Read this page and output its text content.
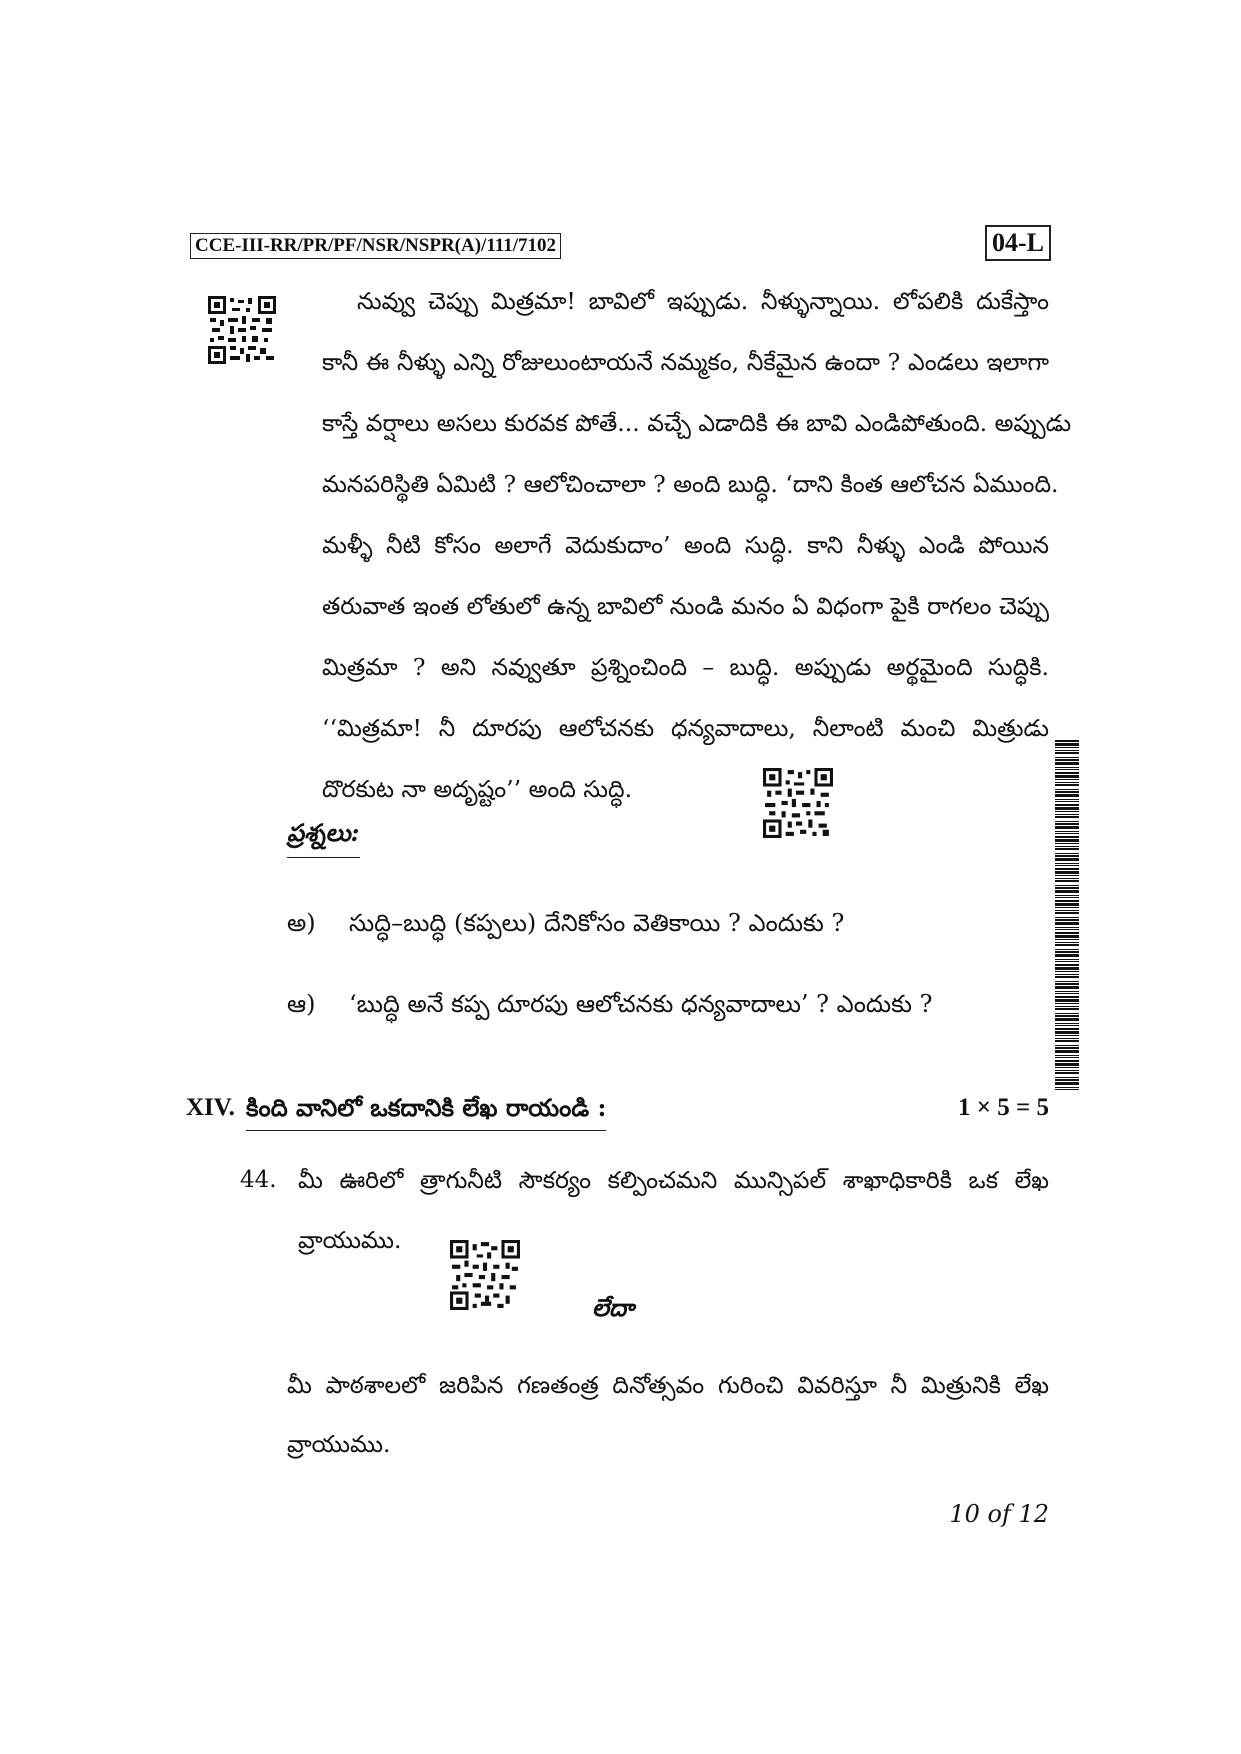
CCE-III-RR/PR/PF/NSR/NSPR(A)/111/7102	04-L
నువ్వు చెప్పు మిత్రమా! బావిలో ఇప్పుడు. నీళ్ళున్నాయి. లోపలికి దుకేస్తాం
కానీ ఈ నీళ్ళు ఎన్ని రోజులుంటాయనే నమ్మకం, నీకేమైన ఉందా ? ఎండలు ఇలాగా
కాస్తే వర్షాలు అసలు కురవక పోతే... వచ్చే ఎడాదికి ఈ బావి ఎండిపోతుంది. అప్పుడు
మనపరిస్థితి ఏమిటి ? ఆలోచించాలా ? అంది బుద్ధి. ‘దాని కింత ఆలోచన ఏముంది.
మళ్ళీ నీటి కోసం అలాగే వెదుకుదాం’ అంది సుద్ధి. కాని నీళ్ళు ఎండి పోయిన
తరువాత ఇంత లోతులో ఉన్న బావిలో నుండి మనం ఏ విధంగా పైకి రాగలం చెప్పు
మిత్రమా ? అని నవ్వుతూ ప్రశ్నించింది – బుద్ధి. అప్పుడు అర్థమైంది సుద్ధికి.
‘‘మిత్రమా! నీ దూరపు ఆలోచనకు ధన్యవాదాలు, నీలాంటి మంచి మిత్రుడు
దొరకుట నా అదృష్టం’’ అంది సుద్ధి.
ప్రశ్నలు:
అ) సుద్ధి–బుద్ధి (కప్పలు) దేనికోసం వెతికాయి ? ఎందుకు ?
ఆ) ‘బుద్ధి అనే కప్ప దూరపు ఆలోచనకు ధన్యవాదాలు’ ? ఎందుకు ?
XIV. కింది వానిలో ఒకదానికి లేఖ రాయండి :	1 × 5 = 5
44. మీ ఊరిలో త్రాగునీటి సౌకర్యం కల్పించమని మున్సిపల్ శాఖాధికారికి ఒక లేఖ
వ్రాయుము.
లేదా
మీ పాఠశాలలో జరిపిన గణతంత్ర దినోత్సవం గురించి వివరిస్తూ నీ మిత్రునికి లేఖ
వ్రాయుము.
10 of 12
